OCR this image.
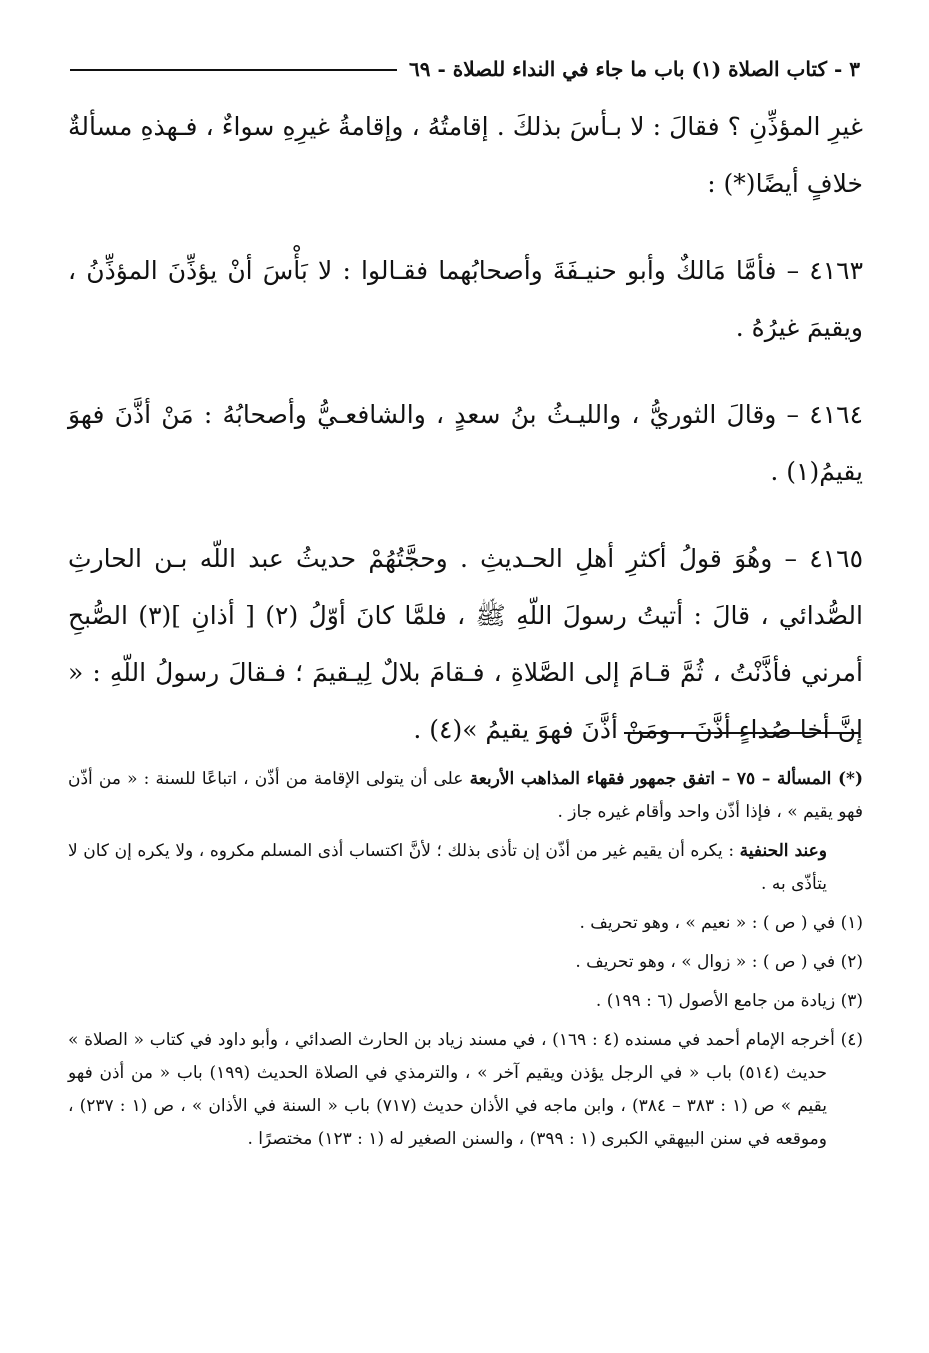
٣ - كتاب الصلاة (١) باب ما جاء في النداء للصلاة - ٦٩

غيرِ المؤذِّنِ ؟ فقالَ : لا بـأسَ بذلكَ . إقامتُهُ ، وإقامةُ غيرِهِ سواءٌ ، فـهذهِ مسألةٌ خلافٍ أيضًا(*) :

٤١٦٣ – فأمَّا مَالكٌ وأبو حنيـفَةَ وأصحابُهما فقـالوا : لا بَأْسَ أنْ يؤذِّنَ المؤذِّنُ ، ويقيمَ غيرُهُ .

٤١٦٤ – وقالَ الثوريُّ ، والليـثُ بنُ سعدٍ ، والشافعـيُّ وأصحابُهُ : مَنْ أذَّنَ فهوَ يقيمُ(١) .

٤١٦٥ – وهُوَ قولُ أكثرِ أهلِ الحـديثِ . وحجَّتُهُمْ حديثُ عبد اللّه بـن الحارثِ الصُّدائي ، قالَ : أتيتُ رسولَ اللّهِ ﷺ ، فلمَّا كانَ أوّلُ (٢) [ أذانِ ](٣) الصُّبحِ أمرني فأذَّنْتُ ، ثُمَّ قـامَ إلى الصَّلاةِ ، فـقامَ بلالٌ لِيـقيمَ ؛ فـقالَ رسولُ اللّهِ : « إنَّ أخا صُداءٍ أذَّنَ ، ومَنْ أذَّنَ فهوَ يقيمُ »(٤) .

(*) المسألة – ٧٥ – اتفق جمهور فقهاء المذاهب الأربعة على أن يتولى الإقامة من أذّن ، اتباعًا للسنة : « من أذّن فهو يقيم » ، فإذا أذّن واحد وأقام غيره جاز .

وعند الحنفية : يكره أن يقيم غير من أذّن إن تأذى بذلك ؛ لأنَّ اكتساب أذى المسلم مكروه ، ولا يكره إن كان لا يتأذّى به .

(١) في ( ص ) : « نعيم » ، وهو تحريف .

(٢) في ( ص ) : « زوال » ، وهو تحريف .

(٣) زيادة من جامع الأصول (٦ : ١٩٩) .

(٤) أخرجه الإمام أحمد في مسنده (٤ : ١٦٩) ، في مسند زياد بن الحارث الصدائي ، وأبو داود في كتاب « الصلاة » حديث (٥١٤) باب « في الرجل يؤذن ويقيم آخر » ، والترمذي في الصلاة الحديث (١٩٩) باب « من أذن فهو يقيم » ص (١ : ٣٨٣ – ٣٨٤) ، وابن ماجه في الأذان حديث (٧١٧) باب « السنة في الأذان » ، ص (١ : ٢٣٧) ، وموقعه في سنن البيهقي الكبرى (١ : ٣٩٩) ، والسنن الصغير له (١ : ١٢٣) مختصرًا .
